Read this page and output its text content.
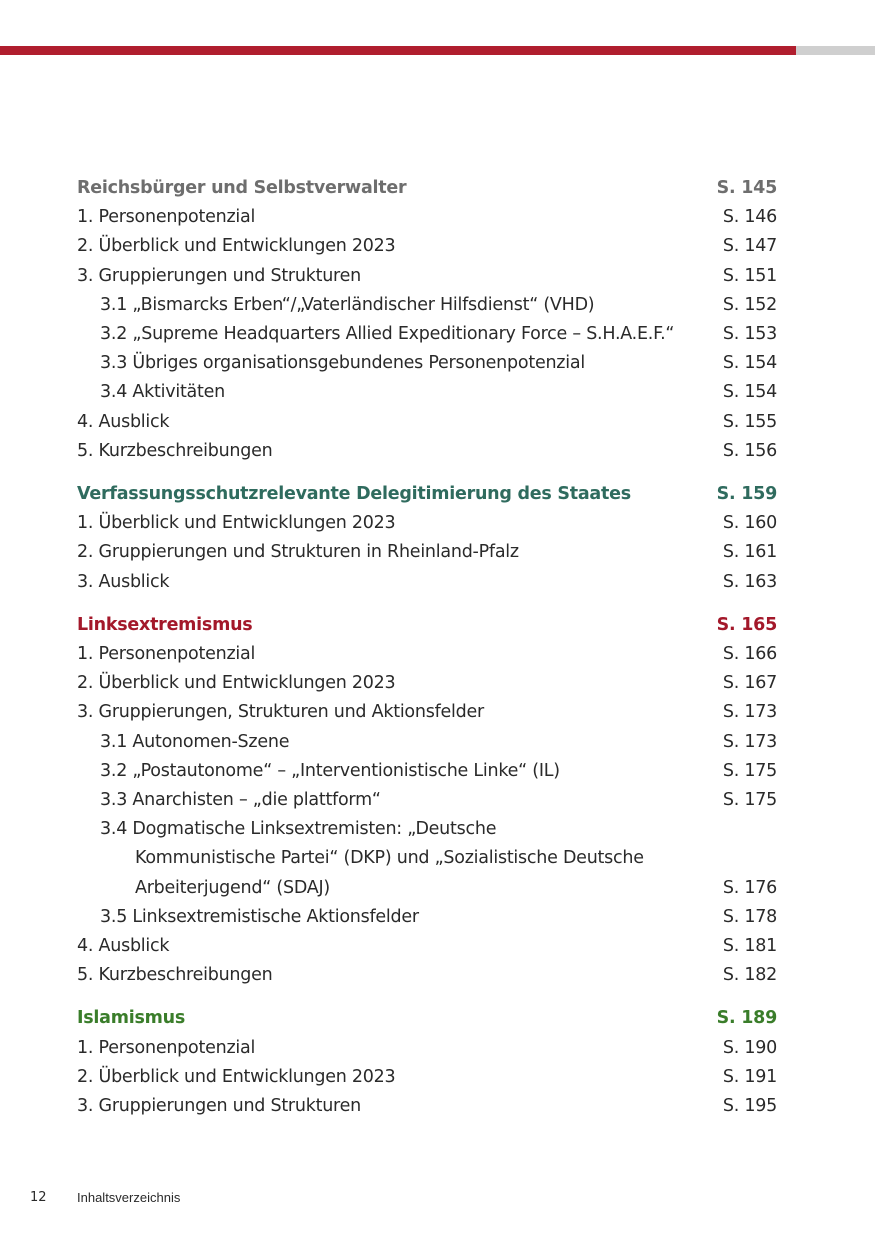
Reichsbürger und Selbstverwalter	S. 145
1. Personenpotenzial	S. 146
2. Überblick und Entwicklungen 2023	S. 147
3. Gruppierungen und Strukturen	S. 151
3.1 „Bismarcks Erben“/„Vaterländischer Hilfsdienst“ (VHD)	S. 152
3.2 „Supreme Headquarters Allied Expeditionary Force – S.H.A.E.F.“	S. 153
3.3 Übriges organisationsgebundenes Personenpotenzial	S. 154
3.4 Aktivitäten	S. 154
4. Ausblick	S. 155
5. Kurzbeschreibungen	S. 156
Verfassungsschutzrelevante Delegitimierung des Staates	S. 159
1. Überblick und Entwicklungen 2023	S. 160
2. Gruppierungen und Strukturen in Rheinland-Pfalz	S. 161
3. Ausblick	S. 163
Linksextremismus	S. 165
1. Personenpotenzial	S. 166
2. Überblick und Entwicklungen 2023	S. 167
3. Gruppierungen, Strukturen und Aktionsfelder	S. 173
3.1 Autonomen-Szene	S. 173
3.2 „Postautonome“ – „Interventionistische Linke“ (IL)	S. 175
3.3 Anarchisten – „die plattform“	S. 175
3.4 Dogmatische Linksextremisten: „Deutsche
Kommunistische Partei“ (DKP) und „Sozialistische Deutsche
Arbeiterjugend“ (SDAJ)	S. 176
3.5 Linksextremistische Aktionsfelder	S. 178
4. Ausblick	S. 181
5. Kurzbeschreibungen	S. 182
Islamismus	S. 189
1. Personenpotenzial	S. 190
2. Überblick und Entwicklungen 2023	S. 191
3. Gruppierungen und Strukturen	S. 195
12 Inhaltsverzeichnis
